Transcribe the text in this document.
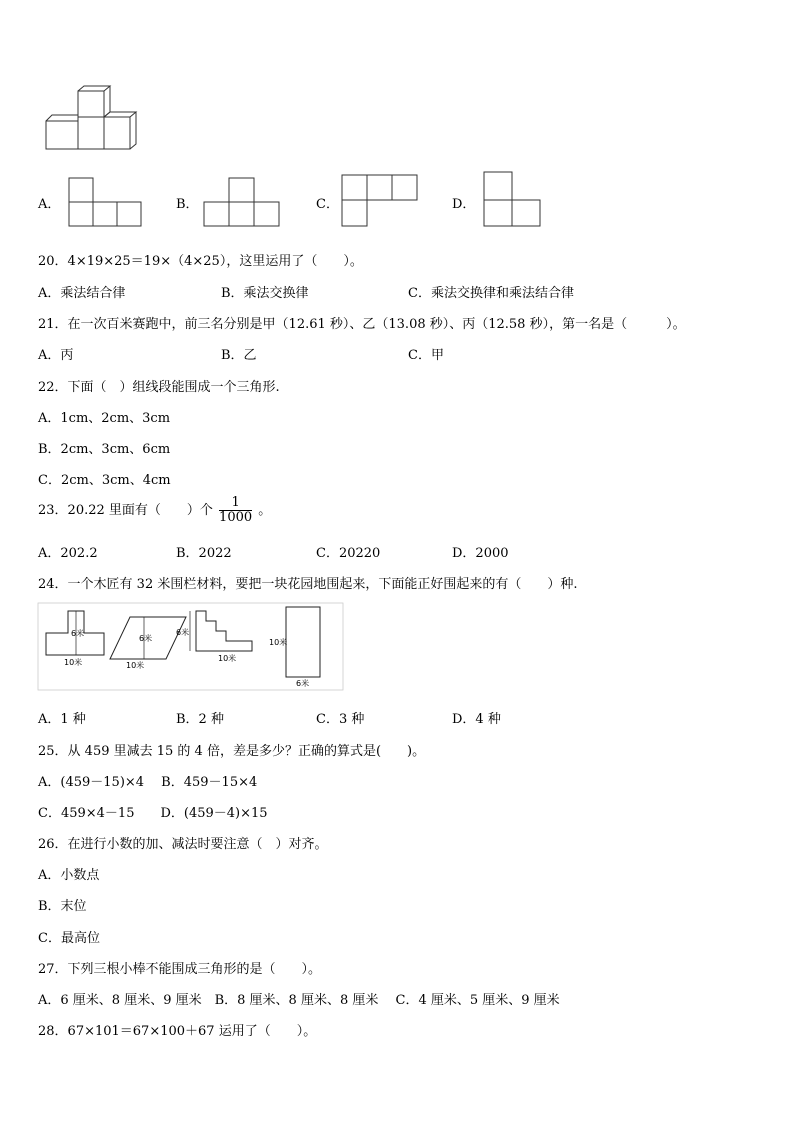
A．	B．	C．	D．
20．4×19×25＝19×（4×25），这里运用了（　　）。
A．乘法结合律	B．乘法交换律	C．乘法交换律和乘法结合律
21．在一次百米赛跑中，前三名分别是甲（12.61 秒）、乙（13.08 秒）、丙（12.58 秒），第一名是（　　　）。
A．丙	B．乙	C．甲
22．下面（　）组线段能围成一个三角形.
A．1cm、2cm、3cm
B．2cm、3cm、6cm
C．2cm、3cm、4cm
23．20.22 里面有（　　）个 $\frac{1}{1000}$ 。
A．202.2	B．2022	C．20220	D．2000
24．一个木匠有 32 米围栏材料，要把一块花园地围起来，下面能正好围起来的有（　　）种.
6米
10米
6米
10米
6米
10米
10米
6米
A．1 种	B．2 种	C．3 种	D．4 种
25．从 459 里减去 15 的 4 倍，差是多少？正确的算式是(　　)。
A．(459－15)×4　 B．459－15×4
C．459×4－15　　D．(459－4)×15
26．在进行小数的加、减法时要注意（　）对齐。
A．小数点
B．末位
C．最高位
27．下列三根小棒不能围成三角形的是（　　）。
A．6 厘米、8 厘米、9 厘米　B．8 厘米、8 厘米、8 厘米　 C．4 厘米、5 厘米、9 厘米
28．67×101＝67×100＋67 运用了（　　）。
